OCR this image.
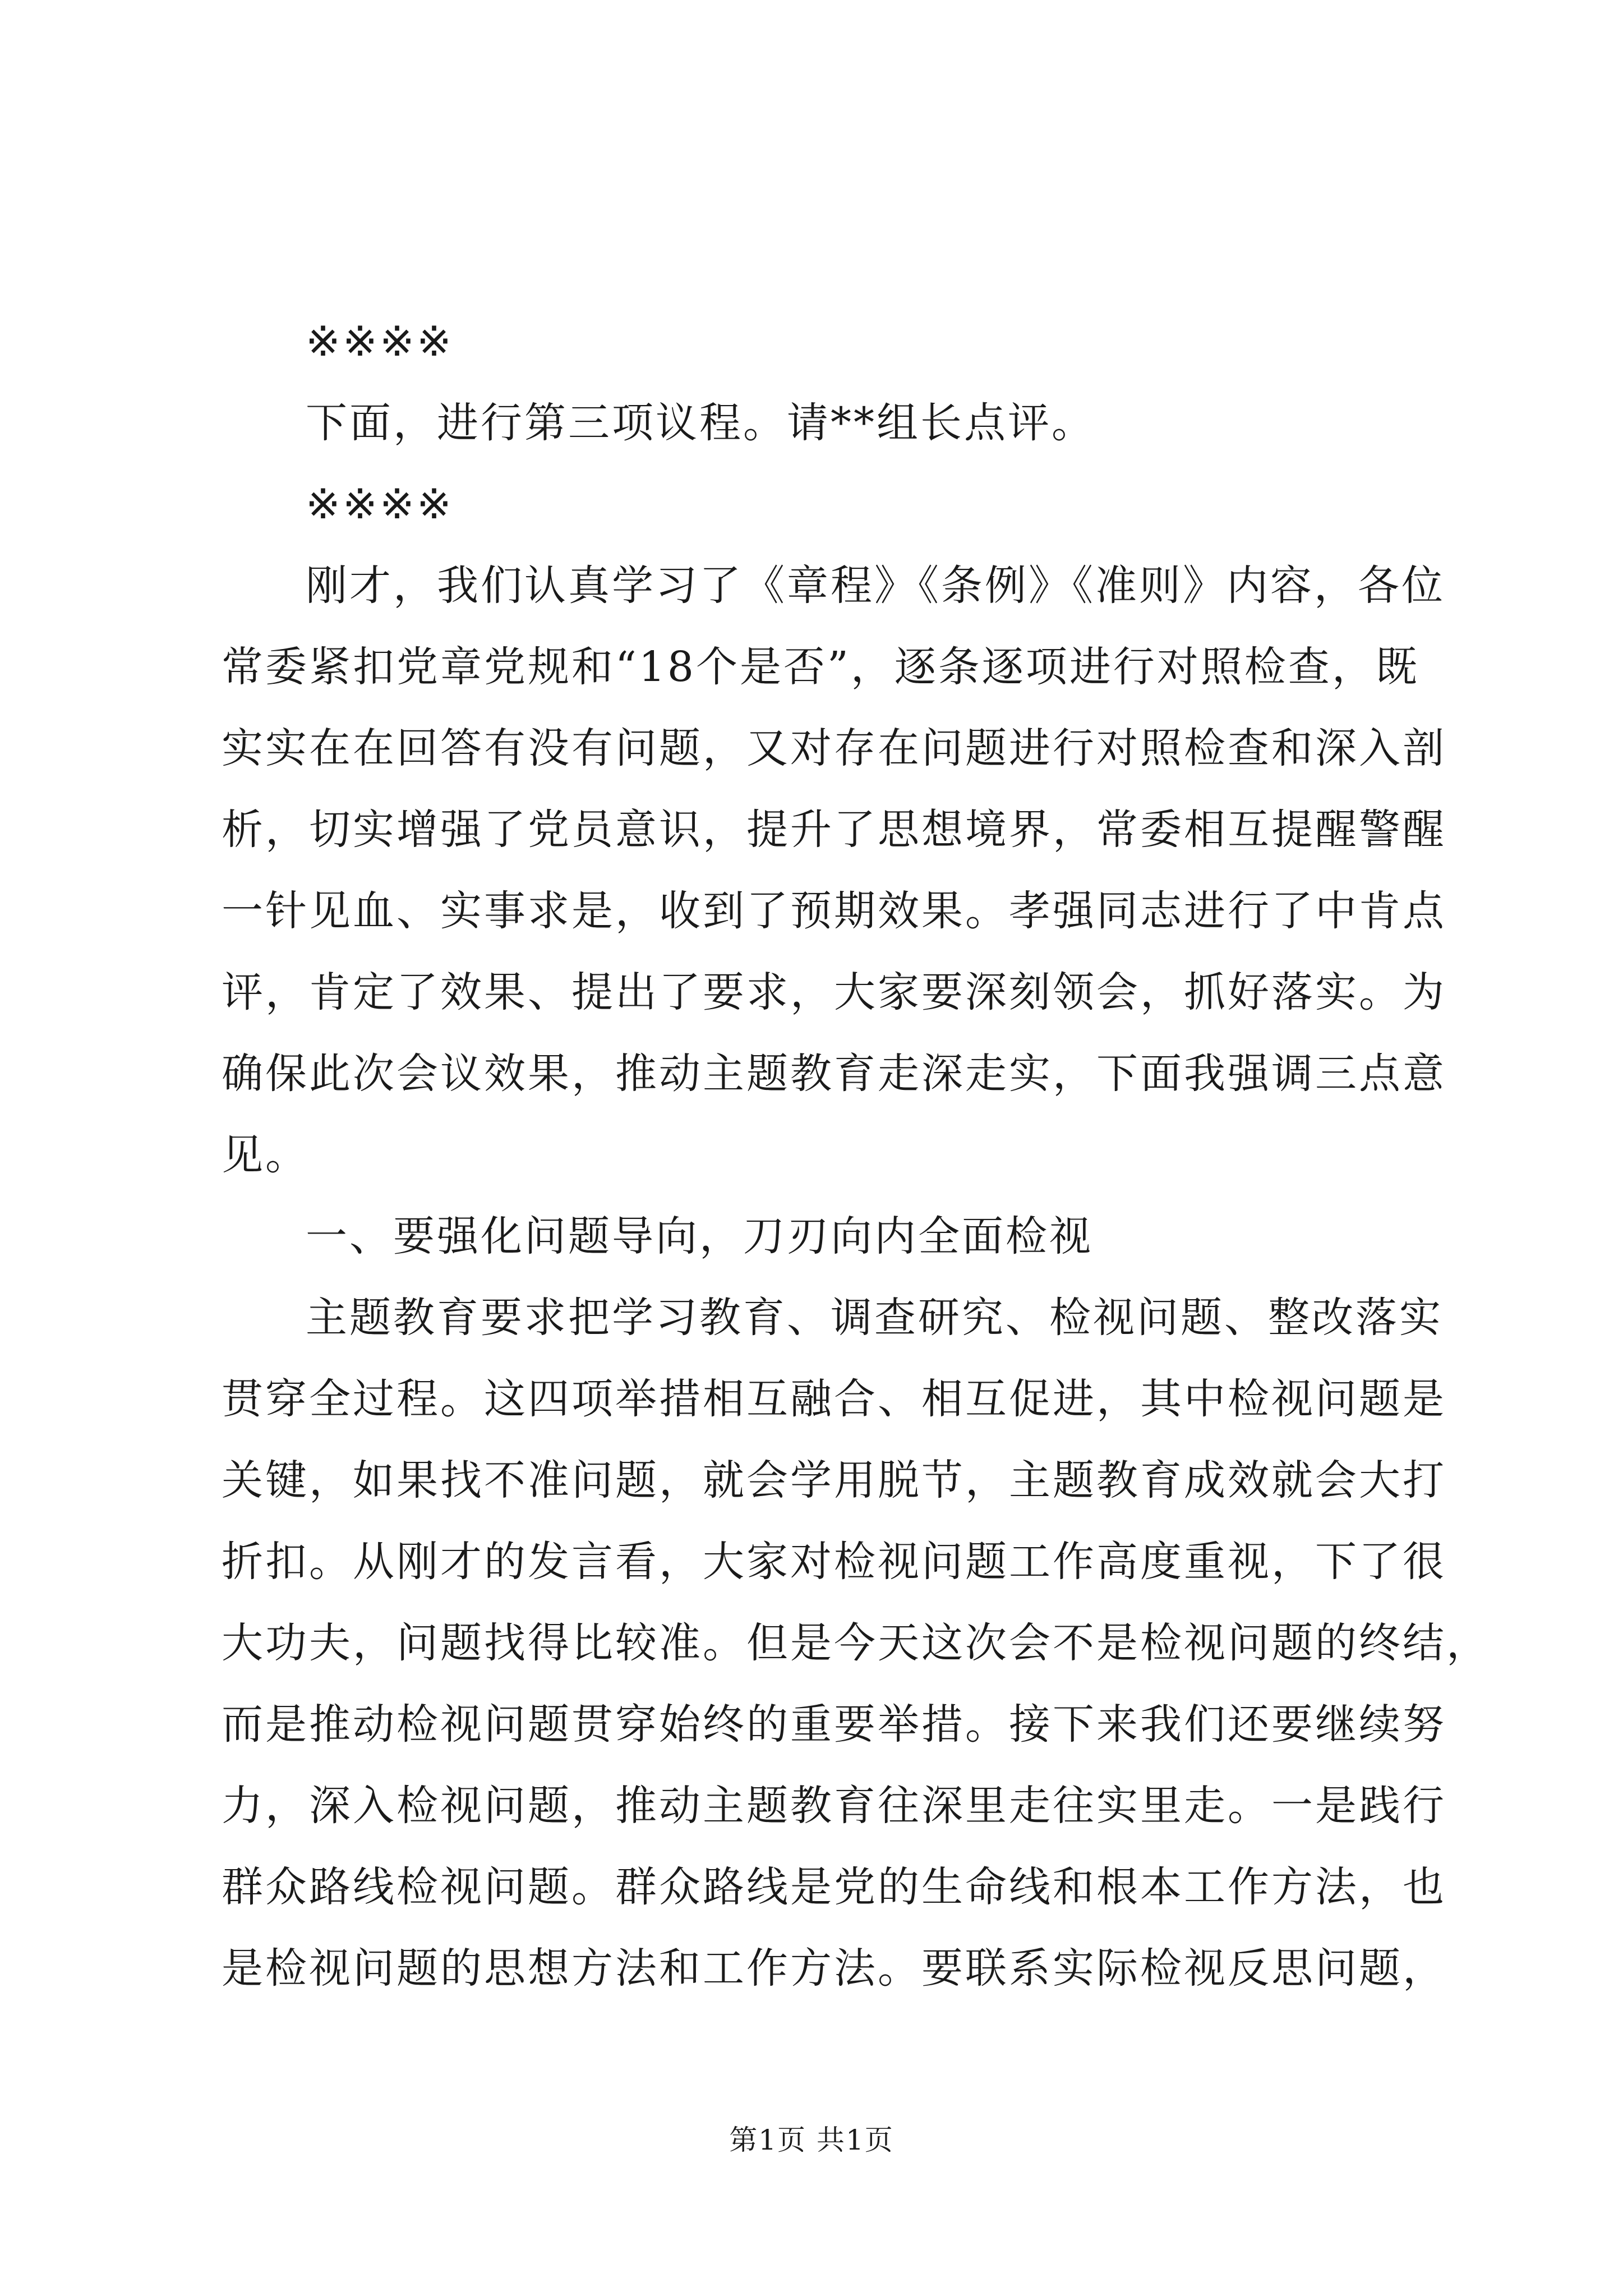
※※※※
下面，进行第三项议程。请**组长点评。
※※※※
刚才，我们认真学习了《章程》《条例》《准则》内容，各位
常委紧扣党章党规和“18个是否”，逐条逐项进行对照检查，既
实实在在回答有没有问题，又对存在问题进行对照检查和深入剖
析，切实增强了党员意识，提升了思想境界，常委相互提醒警醒
一针见血、实事求是，收到了预期效果。孝强同志进行了中肯点
评，肯定了效果、提出了要求，大家要深刻领会，抓好落实。为
确保此次会议效果，推动主题教育走深走实，下面我强调三点意
见。
一、要强化问题导向，刀刃向内全面检视
主题教育要求把学习教育、调查研究、检视问题、整改落实
贯穿全过程。这四项举措相互融合、相互促进，其中检视问题是
关键，如果找不准问题，就会学用脱节，主题教育成效就会大打
折扣。从刚才的发言看，大家对检视问题工作高度重视，下了很
大功夫，问题找得比较准。但是今天这次会不是检视问题的终结，
而是推动检视问题贯穿始终的重要举措。接下来我们还要继续努
力，深入检视问题，推动主题教育往深里走往实里走。一是践行
群众路线检视问题。群众路线是党的生命线和根本工作方法，也
是检视问题的思想方法和工作方法。要联系实际检视反思问题，
第1页 共1页
